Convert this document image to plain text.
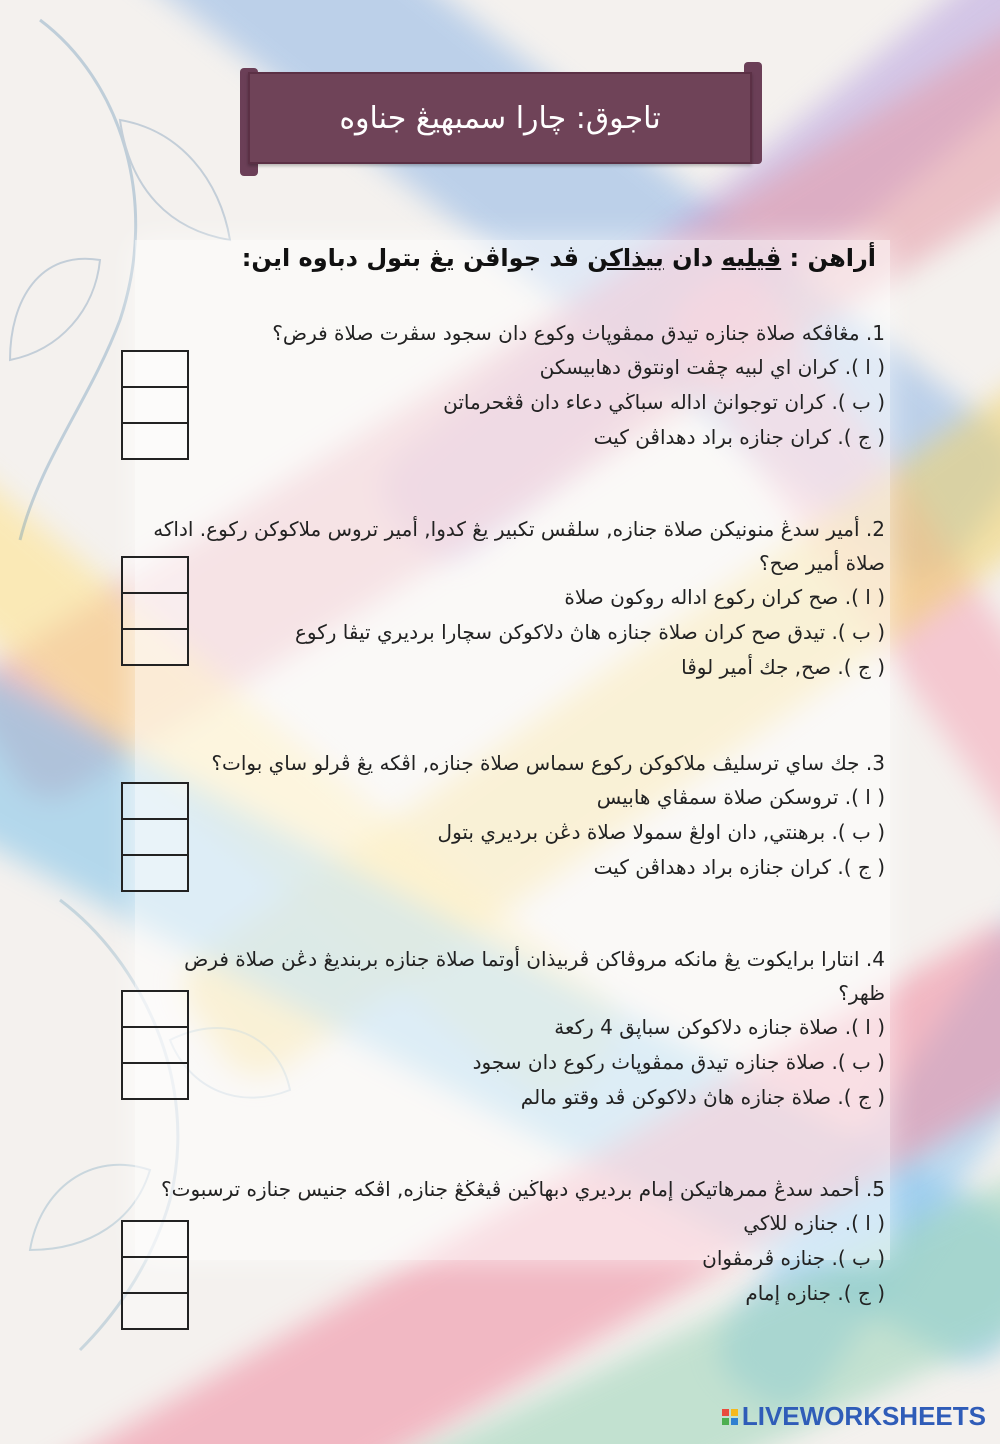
تاجوق: چارا سمبهيڠ جناوه
أراهن : ڤيليه دان بيذاكن ڤد جواڤن يڠ بتول دباوه اين:
1. مڠاڤكه صلاة جنازه تيدق ممڤوڽاٺ وكوع دان سجود سڤرت صلاة فرض؟
( ا ). كران اي لبيه چڤت اونتوق دهابيسكن
( ب ). كران توجوانڽ اداله سباڬي دعاء دان ڤڠحرماتن
( ج ). كران جنازه براد دهداڤن كيت
2. أمير سدڠ منونيكن صلاة جنازه, سلڤس تكبير يڠ كدوا, أمير تروس ملاكوكن ركوع. اداكه صلاة أمير صح؟
( ا ). صح كران ركوع اداله روكون صلاة
( ب ). تيدق صح كران صلاة جنازه هاڽ دلاكوكن سچارا برديري تيڤا ركوع
( ج ). صح, جك أمير لوڤا
3. جك ساي ترسليڤ ملاكوكن ركوع سماس صلاة جنازه, اڤكه يڠ ڤرلو ساي بوات؟
( ا ). تروسكن صلاة سمڤاي هابيس
( ب ). برهنتي, دان اولڠ سمولا صلاة دڠن برديري بتول
( ج ). كران جنازه براد دهداڤن كيت
4. انتارا برايكوت يڠ مانكه مروڤاكن ڤربيذان أوتما صلاة جنازه بربنديڠ دڠن صلاة فرض ظهر؟
( ا ). صلاة جنازه دلاكوكن سباڽق 4 ركعة
( ب ). صلاة جنازه تيدق ممڤوڽاٺ ركوع دان سجود
( ج ). صلاة جنازه هاڽ دلاكوكن ڤد وقتو مالم
5. أحمد سدڠ ممرهاتيكن إمام برديري دبهاڬين ڤيڠڬڠ جنازه, اڤكه جنيس جنازه ترسبوت؟
( ا ). جنازه للاكي
( ب ). جنازه ڤرمڤوان
( ج ). جنازه إمام
LIVEWORKSHEETS
